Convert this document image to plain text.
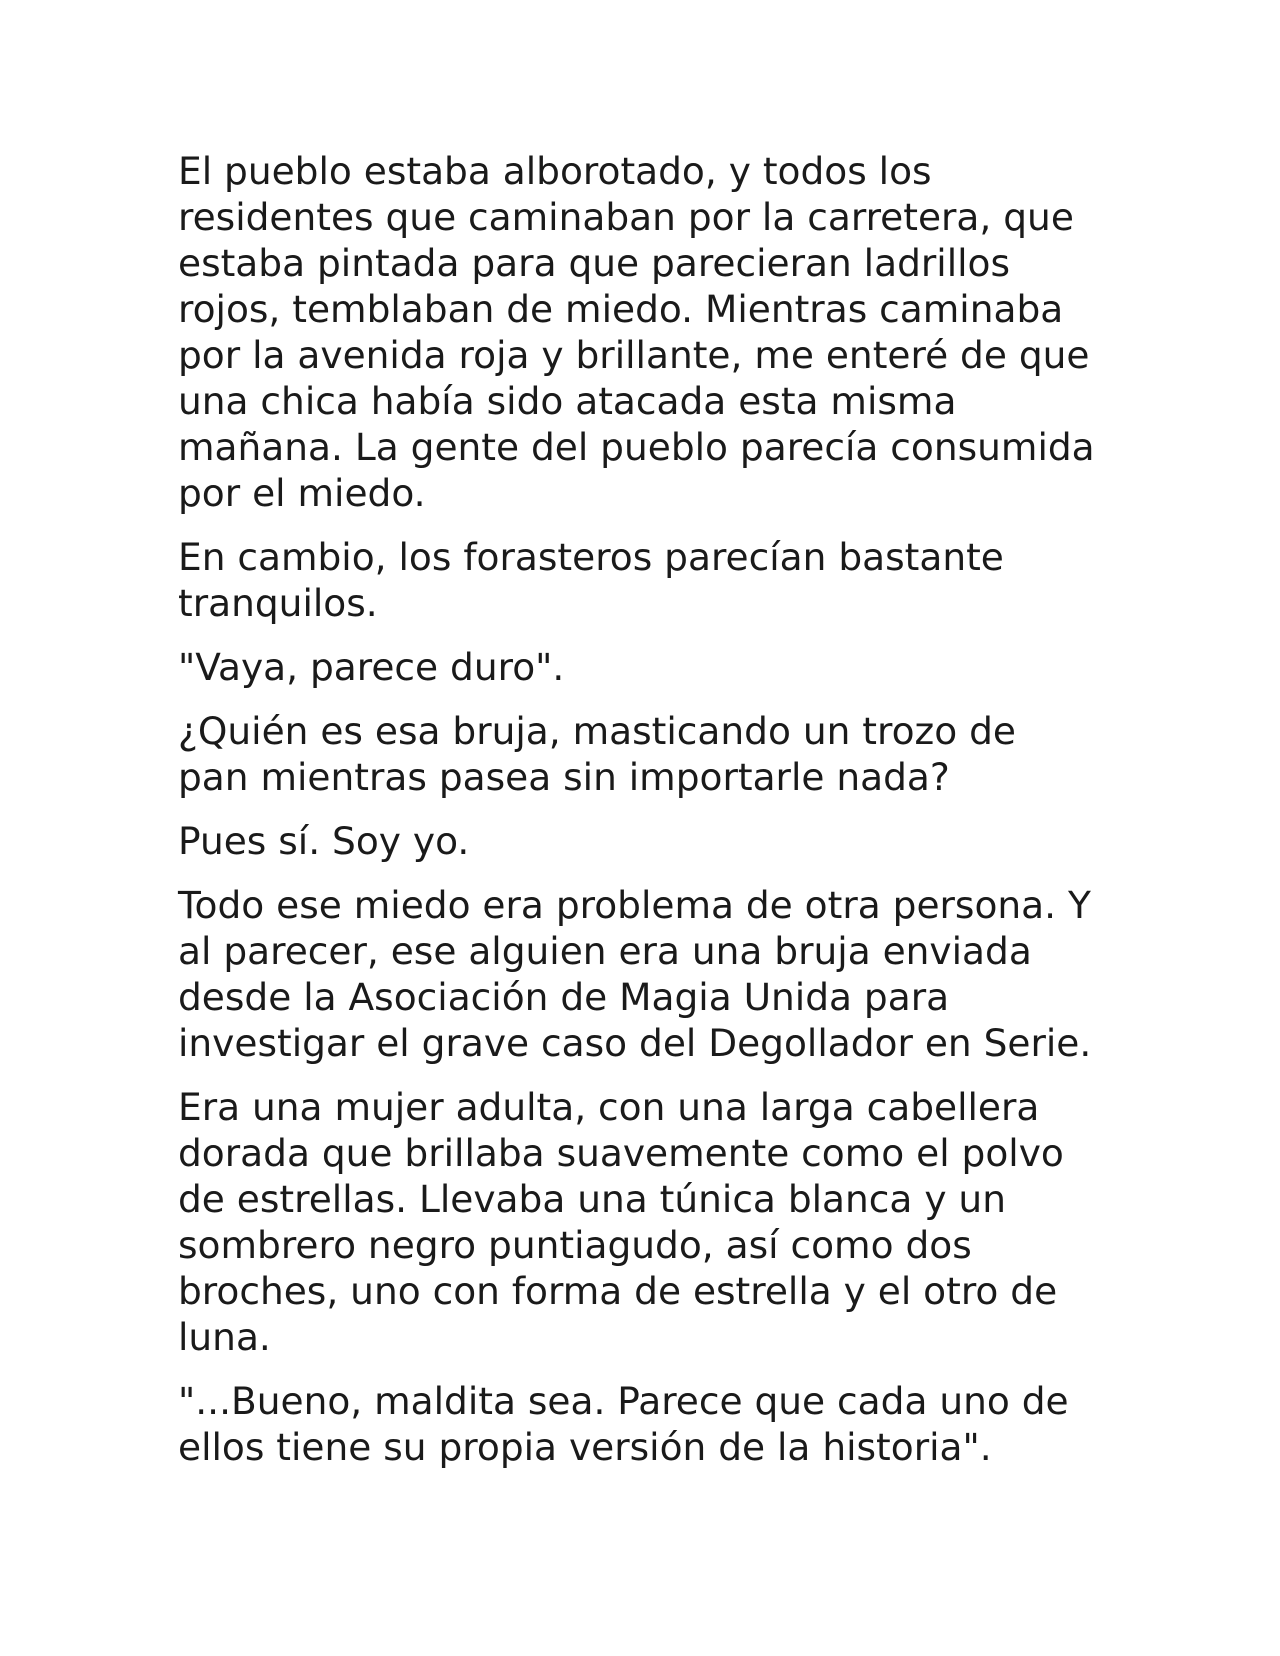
El pueblo estaba alborotado, y todos los
residentes que caminaban por la carretera, que
estaba pintada para que parecieran ladrillos
rojos, temblaban de miedo. Mientras caminaba
por la avenida roja y brillante, me enteré de que
una chica había sido atacada esta misma
mañana. La gente del pueblo parecía consumida
por el miedo.

En cambio, los forasteros parecían bastante
tranquilos.

"Vaya, parece duro".

¿Quién es esa bruja, masticando un trozo de
pan mientras pasea sin importarle nada?

Pues sí. Soy yo.

Todo ese miedo era problema de otra persona. Y
al parecer, ese alguien era una bruja enviada
desde la Asociación de Magia Unida para
investigar el grave caso del Degollador en Serie.

Era una mujer adulta, con una larga cabellera
dorada que brillaba suavemente como el polvo
de estrellas. Llevaba una túnica blanca y un
sombrero negro puntiagudo, así como dos
broches, uno con forma de estrella y el otro de
luna.

"...Bueno, maldita sea. Parece que cada uno de
ellos tiene su propia versión de la historia".
